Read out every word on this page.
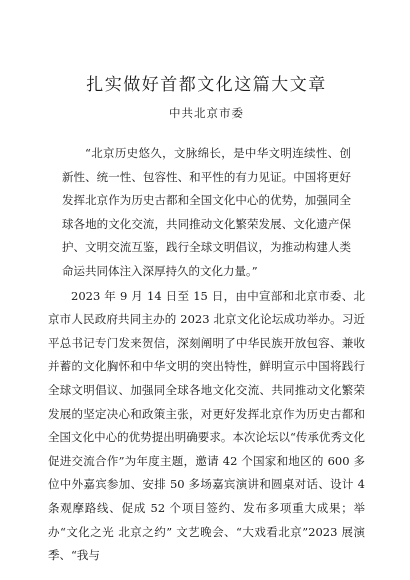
扎实做好首都文化这篇大文章
中共北京市委

“北京历史悠久，文脉绵长，是中华文明连续性、创新性、统一性、包容性、和平性的有力见证。中国将更好发挥北京作为历史古都和全国文化中心的优势，加强同全球各地的文化交流，共同推动文化繁荣发展、文化遗产保护、文明交流互鉴，践行全球文明倡议，为推动构建人类命运共同体注入深厚持久的文化力量。”

2023 年 9 月 14 日至 15 日，由中宣部和北京市委、北京市人民政府共同主办的 2023 北京文化论坛成功举办。习近平总书记专门发来贺信，深刻阐明了中华民族开放包容、兼收并蓄的文化胸怀和中华文明的突出特性，鲜明宣示中国将践行全球文明倡议、加强同全球各地文化交流、共同推动文化繁荣发展的坚定决心和政策主张，对更好发挥北京作为历史古都和全国文化中心的优势提出明确要求。本次论坛以“传承优秀文化促进交流合作”为年度主题，邀请 42 个国家和地区的 600 多位中外嘉宾参加、安排 50 多场嘉宾演讲和圆桌对话、设计 4 条观摩路线、促成 52 个项目签约、发布多项重大成果；举办“文化之光 北京之约” 文艺晚会、“大戏看北京”2023 展演季、“我与
